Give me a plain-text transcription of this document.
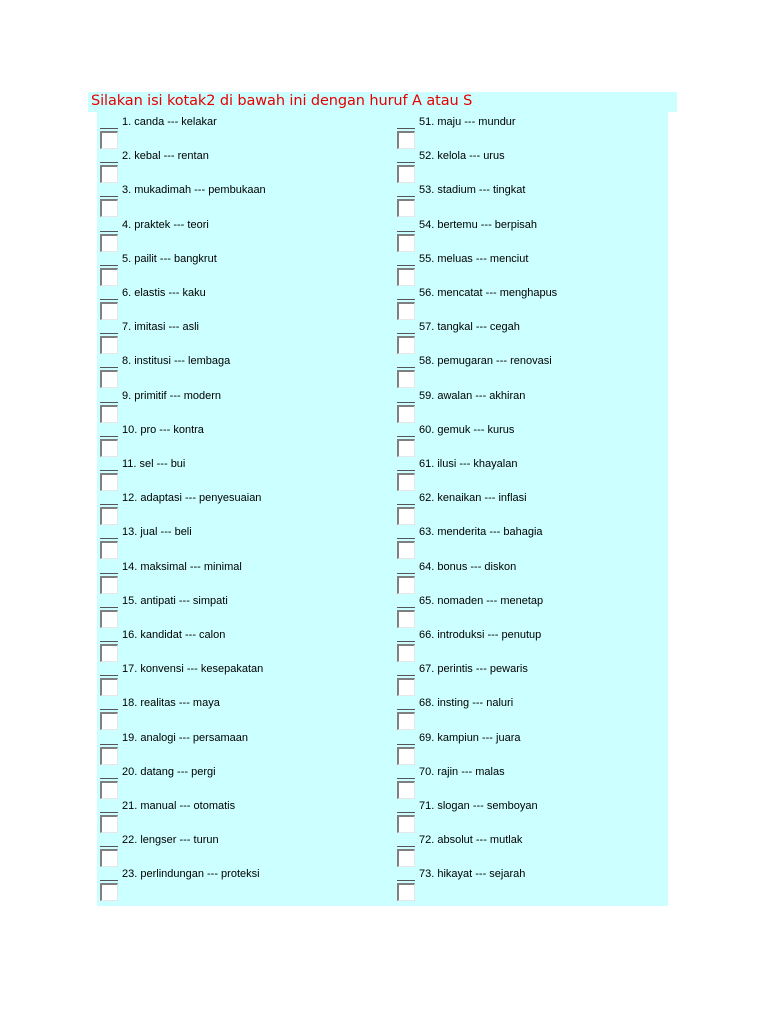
Silakan isi kotak2 di bawah ini dengan huruf A atau S
1. canda --- kelakar
2. kebal --- rentan
3. mukadimah --- pembukaan
4. praktek --- teori
5. pailit --- bangkrut
6. elastis --- kaku
7. imitasi --- asli
8. institusi --- lembaga
9. primitif --- modern
10. pro --- kontra
11. sel --- bui
12. adaptasi --- penyesuaian
13. jual --- beli
14. maksimal --- minimal
15. antipati --- simpati
16. kandidat --- calon
17. konvensi --- kesepakatan
18. realitas --- maya
19. analogi --- persamaan
20. datang --- pergi
21. manual --- otomatis
22. lengser --- turun
23. perlindungan --- proteksi
51. maju --- mundur
52. kelola --- urus
53. stadium --- tingkat
54. bertemu --- berpisah
55. meluas --- menciut
56. mencatat --- menghapus
57. tangkal --- cegah
58. pemugaran --- renovasi
59. awalan --- akhiran
60. gemuk --- kurus
61. ilusi --- khayalan
62. kenaikan --- inflasi
63. menderita --- bahagia
64. bonus --- diskon
65. nomaden --- menetap
66. introduksi --- penutup
67. perintis --- pewaris
68. insting --- naluri
69. kampiun --- juara
70. rajin --- malas
71. slogan --- semboyan
72. absolut --- mutlak
73. hikayat --- sejarah
